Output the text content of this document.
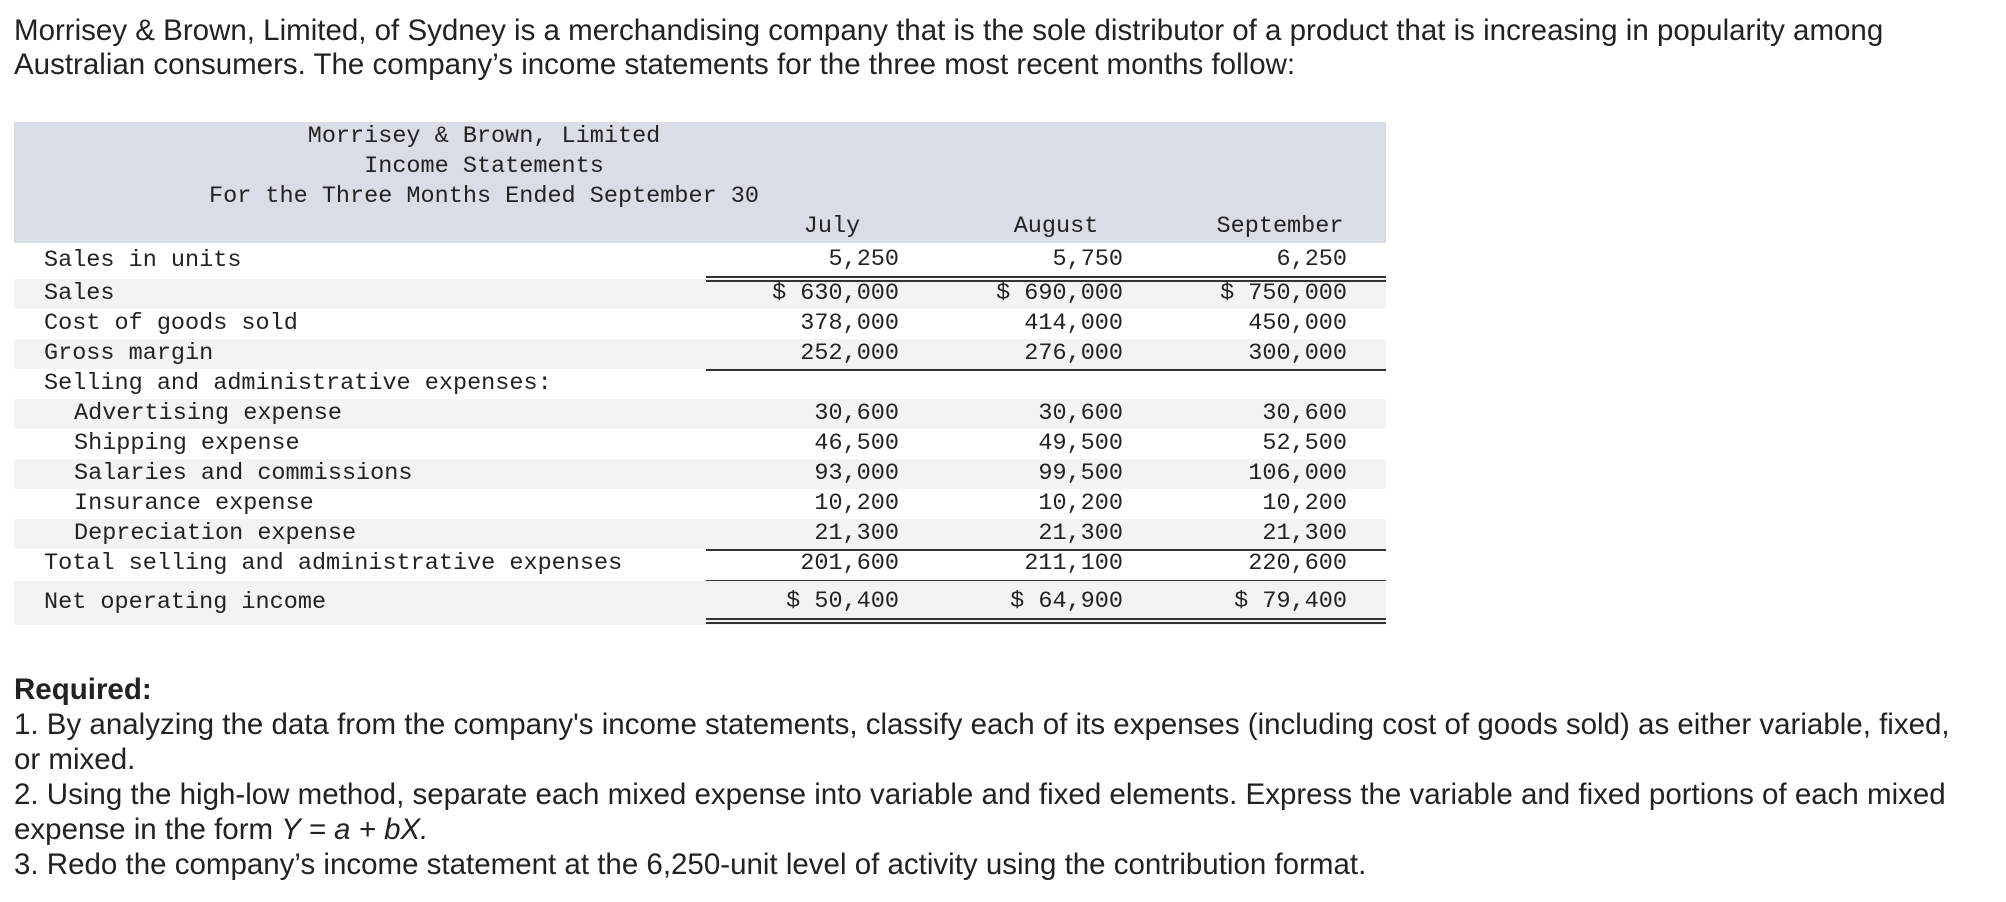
Morrisey & Brown, Limited, of Sydney is a merchandising company that is the sole distributor of a product that is increasing in popularity among Australian consumers. The company’s income statements for the three most recent months follow:

Morrisey & Brown, Limited
Income Statements
For the Three Months Ended September 30
July	August	September
Sales in units	5,250	5,750	6,250
Sales	$ 630,000	$ 690,000	$ 750,000
Cost of goods sold	378,000	414,000	450,000
Gross margin	252,000	276,000	300,000
Selling and administrative expenses:
Advertising expense	30,600	30,600	30,600
Shipping expense	46,500	49,500	52,500
Salaries and commissions	93,000	99,500	106,000
Insurance expense	10,200	10,200	10,200
Depreciation expense	21,300	21,300	21,300
Total selling and administrative expenses	201,600	211,100	220,600
Net operating income	$ 50,400	$ 64,900	$ 79,400

Required:

1. By analyzing the data from the company's income statements, classify each of its expenses (including cost of goods sold) as either variable, fixed, or mixed.

2. Using the high-low method, separate each mixed expense into variable and fixed elements. Express the variable and fixed portions of each mixed expense in the form Y = a + bX.

3. Redo the company’s income statement at the 6,250-unit level of activity using the contribution format.
